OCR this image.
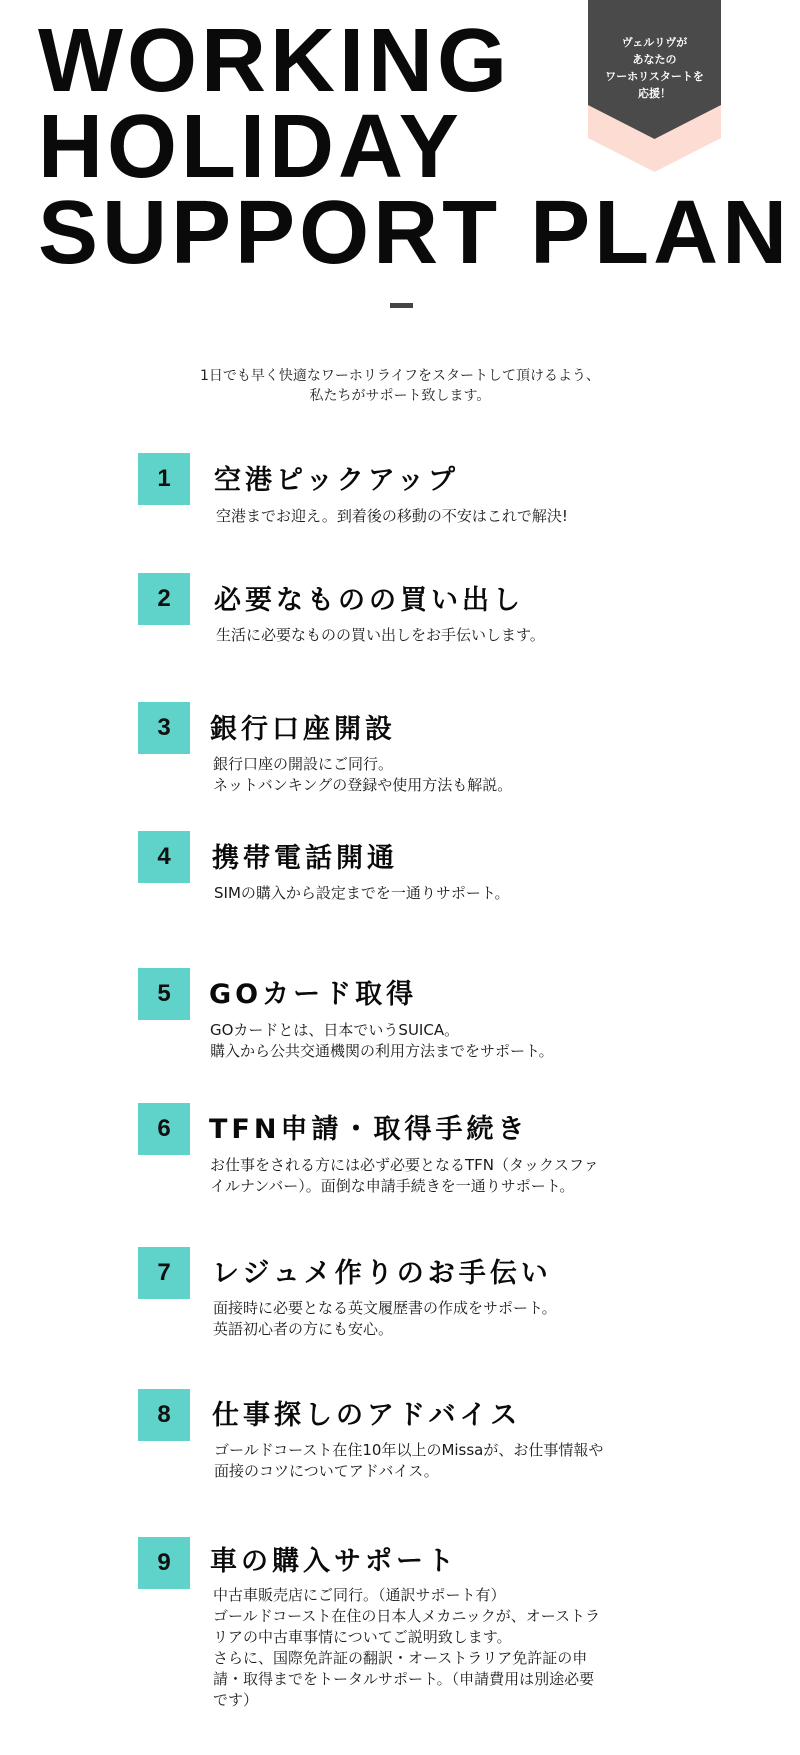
WORKING
HOLIDAY
SUPPORT PLAN
ヴェルリヴが
あなたの
ワーホリスタートを
応援！
1日でも早く快適なワーホリライフをスタートして頂けるよう、
私たちがサポート致します。
1	空港ピックアップ
空港までお迎え。到着後の移動の不安はこれで解決!
2	必要なものの買い出し
生活に必要なものの買い出しをお手伝いします。
3	銀行口座開設
銀行口座の開設にご同行。
ネットバンキングの登録や使用方法も解説。
4	携帯電話開通
SIMの購入から設定までを一通りサポート。
5	GOカード取得
GOカードとは、日本でいうSUICA。
購入から公共交通機関の利用方法までをサポート。
6	TFN申請・取得手続き
お仕事をされる方には必ず必要となるTFN（タックスファ
イルナンバー）。面倒な申請手続きを一通りサポート。
7	レジュメ作りのお手伝い
面接時に必要となる英文履歴書の作成をサポート。
英語初心者の方にも安心。
8	仕事探しのアドバイス
ゴールドコースト在住10年以上のMissaが、お仕事情報や
面接のコツについてアドバイス。
9	車の購入サポート
中古車販売店にご同行。（通訳サポート有）
ゴールドコースト在住の日本人メカニックが、オーストラ
リアの中古車事情についてご説明致します。
さらに、国際免許証の翻訳・オーストラリア免許証の申
請・取得までをトータルサポート。（申請費用は別途必要
です）
